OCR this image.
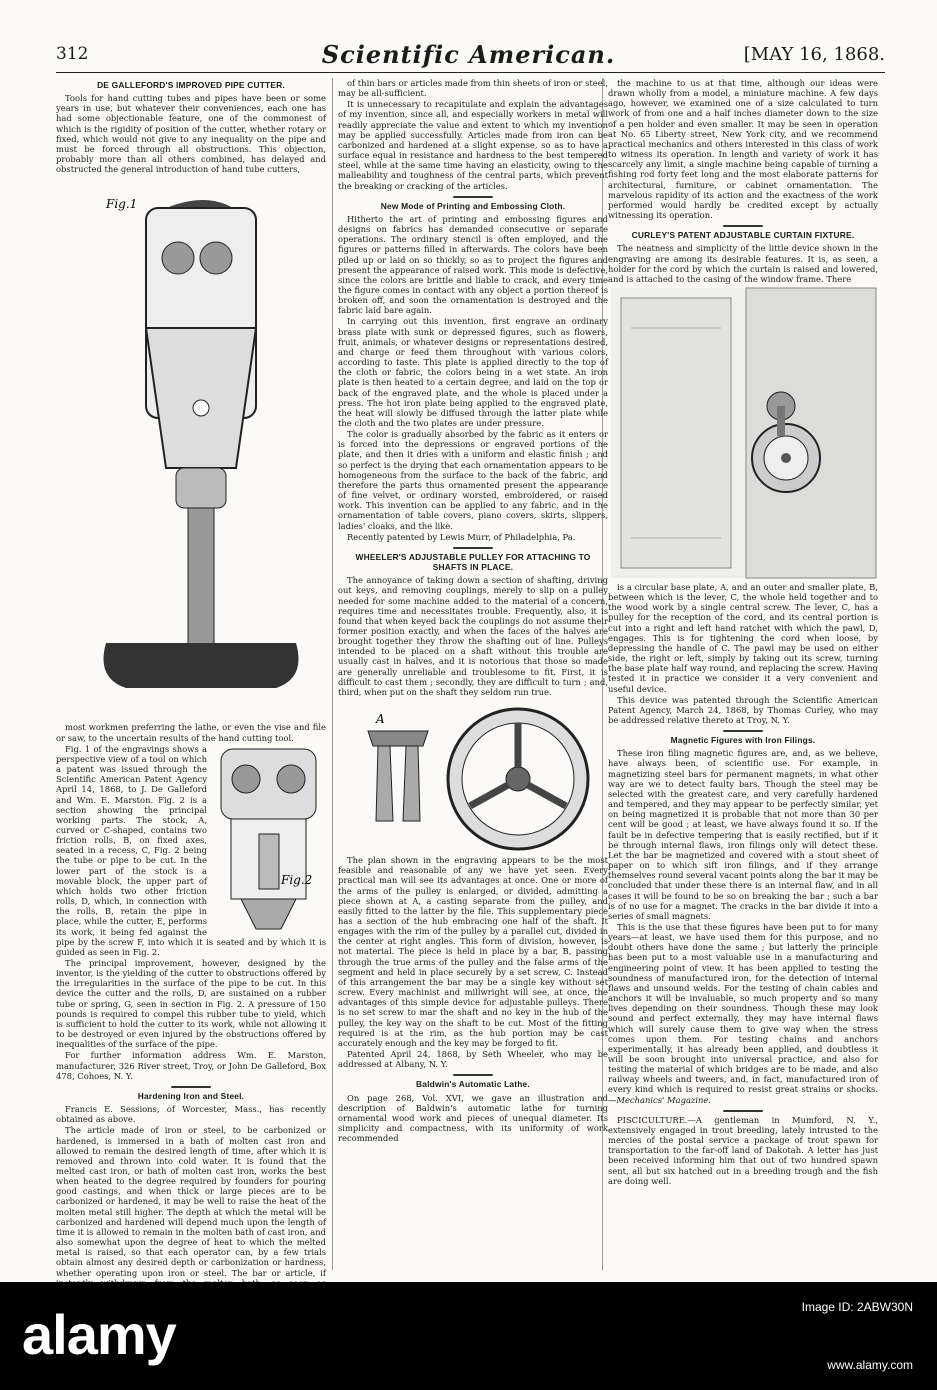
312	Scientific American.	[MAY 16, 1868.
DE GALLEFORD'S IMPROVED PIPE CUTTER.

Tools for hand cutting tubes and pipes have been or some years in use, but whatever their conveniences, each one has had some objectionable feature, one of the commonest of which is the rigidity of position of the cutter, whether rotary or fixed, which would not give to any inequality on the pipe and must be forced through all obstructions. This objection, probably more than all others combined, has delayed and obstructed the general introduction of hand tube cutters,

Fig.1

most workmen preferring the lathe, or even the vise and file or saw, to the uncertain results of the hand cutting tool.

Fig.2

Fig. 1 of the engravings shows a perspective view of a tool on which a patent was issued through the Scientific American Patent Agency April 14, 1868, to J. De Galleford and Wm. E. Marston. Fig. 2 is a section showing the principal working parts. The stock, A, curved or C-shaped, contains two friction rolls, B, on fixed axes, seated in a recess, C, Fig. 2 being the tube or pipe to be cut. In the lower part of the stock is a movable block, the upper part of which holds two other friction rolls, D, which, in connection with the rolls, B, retain the pipe in place, while the cutter, E, performs its work, it being fed against the pipe by the screw F, into which it is seated and by which it is guided as seen in Fig. 2.

The principal improvement, however, designed by the inventor, is the yielding of the cutter to obstructions offered by the irregularities in the surface of the pipe to be cut. In this device the cutter and the rolls, D, are sustained on a rubber tube or spring, G, seen in section in Fig. 2. A pressure of 150 pounds is required to compel this rubber tube to yield, which is sufficient to hold the cutter to its work, while not allowing it to be destroyed or even injured by the obstructions offered by inequalities of the surface of the pipe.

For further information address Wm. E. Marston, manufacturer, 326 River street, Troy, or John De Galleford, Box 478, Cohoes, N. Y.

Hardening Iron and Steel.

Francis E. Sessions, of Worcester, Mass., has recently obtained as above.

The article made of iron or steel, to be carbonized or hardened, is immersed in a bath of molten cast iron and allowed to remain the desired length of time, after which it is removed and thrown into cold water. It is found that the melted cast iron, or bath of molten cast iron, works the best when heated to the degree required by founders for pouring good castings, and when thick or large pieces are to be carbonized or hardened, it may be well to raise the heat of the molten metal still higher. The depth at which the metal will be carbonized and hardened will depend much upon the length of time it is allowed to remain in the molten bath of cast iron, and also somewhat upon the degree of heat to which the melted metal is raised, so that each operator can, by a few trials obtain almost any desired depth or carbonization or hardness, whether operating upon iron or steel. The bar or article, if

of thin bars or articles made from thin sheets of iron or steel, may be all-sufficient.

It is unnecessary to recapitulate and explain the advantages of my invention, since all, and especially workers in metal will readily appreciate the value and extent to which my invention may be applied successfully. Articles made from iron can be carbonized and hardened at a slight expense, so as to have a surface equal in resistance and hardness to the best tempered steel, while at the same time having an elasticity, owing to the malleability and toughness of the central parts, which prevent the breaking or cracking of the articles.

New Mode of Printing and Embossing Cloth.

Hitherto the art of printing and embossing figures and designs on fabrics has demanded consecutive or separate operations. The ordinary stencil is often employed, and the figures or patterns filled in afterwards. The colors have been piled up or laid on so thickly, so as to project the figures and present the appearance of raised work. This mode is defective, since the colors are brittle and liable to crack, and every time the figure comes in contact with any object a portion thereof is broken off, and soon the ornamentation is destroyed and the fabric laid bare again.

In carrying out this invention, first engrave an ordinary brass plate with sunk or depressed figures, such as flowers, fruit, animals, or whatever designs or representations desired, and charge or feed them throughout with various colors, according to taste. This plate is applied directly to the top of the cloth or fabric, the colors being in a wet state. An iron plate is then heated to a certain degree, and laid on the top or back of the engraved plate, and the whole is placed under a press. The hot iron plate being applied to the engraved plate, the heat will slowly be diffused through the latter plate while the cloth and the two plates are under pressure.

The color is gradually absorbed by the fabric as it enters or is forced into the depressions or engraved portions of the plate, and then it dries with a uniform and elastic finish ; and so perfect is the drying that each ornamentation appears to be homogeneous from the surface to the back of the fabric, and therefore the parts thus ornamented present the appearance of fine velvet, or ordinary worsted, embroidered, or raised work. This invention can be applied to any fabric, and in the ornamentation of table covers, piano covers, skirts, slippers, ladies' cloaks, and the like.

Recently patented by Lewis Murr, of Philadelphia, Pa.

WHEELER'S ADJUSTABLE PULLEY FOR ATTACHING TO SHAFTS IN PLACE.

The annoyance of taking down a section of shafting, driving out keys, and removing couplings, merely to slip on a pulley needed for some machine added to the material of a concern, requires time and necessitates trouble. Frequently, also, it is found that when keyed back the couplings do not assume their former position exactly, and when the faces of the halves are brought together they throw the shafting out of line. Pulleys intended to be placed on a shaft without this trouble are usually cast in halves, and it is notorious that those so made are generally unreliable and troublesome to fit. First, it is difficult to cast them ; secondly, they are difficult to turn ; and, third, when put on the shaft they seldom run true.

A

The plan shown in the engraving appears to be the most feasible and reasonable of any we have yet seen. Every practical man will see its advantages at once. One or more of the arms of the pulley is enlarged, or divided, admitting a piece shown at A, a casting separate from the pulley, and easily fitted to the latter by the file. This supplementary piece has a section of the hub embracing one half of the shaft. It engages with the rim of the pulley by a parallel cut, divided in the center at right angles. This form of division, however, is not material. The piece is held in place by a bar, B, passing through the true arms of the pulley and the false arms of the segment and held in place securely by a set screw, C. Instead of this arrangement the bar may be a single key without set screw. Every machinist and millwright will see, at once, the advantages of this simple device for adjustable pulleys. There is no set screw to mar the shaft and no key in the hub of the pulley, the key way on the shaft to be cut. Most of the fitting required is at the rim, as the hub portion may be cast accurately enough and the key may be forged to fit.

Patented April 24, 1868, by Seth Wheeler, who may be addressed at Albany, N. Y.

Baldwin's Automatic Lathe.

On page 268, Vol. XVI, we gave an illustration and description of Baldwin's automatic lathe for turning ornamental wood work and pieces of unequal diameter. Its simplicity and compactness, with its uniformity of work recommended

the machine to us at that time, although our ideas were drawn wholly from a model, a miniature machine. A few days ago, however, we examined one of a size calculated to turn work of from one and a half inches diameter down to the size of a pen holder and even smaller. It may be seen in operation at No. 65 Liberty street, New York city, and we recommend practical mechanics and others interested in this class of work to witness its operation. In length and variety of work it has scarcely any limit, a single machine being capable of turning a fishing rod forty feet long and the most elaborate patterns for architectural, furniture, or cabinet ornamentation. The marvelous rapidity of its action and the exactness of the work performed would hardly be credited except by actually witnessing its operation.

CURLEY'S PATENT ADJUSTABLE CURTAIN FIXTURE.

The neatness and simplicity of the little device shown in the engraving are among its desirable features. It is, as seen, a holder for the cord by which the curtain is raised and lowered, and is attached to the casing of the window frame. There

is a circular base plate, A, and an outer and smaller plate, B, between which is the lever, C, the whole held together and to the wood work by a single central screw. The lever, C, has a pulley for the reception of the cord, and its central portion is cut into a right and left hand ratchet with which the pawl, D, engages. This is for tightening the cord when loose, by depressing the handle of C. The pawl may be used on either side, the right or left, simply by taking out its screw, turning the base plate half way round, and replacing the screw. Having tested it in practice we consider it a very convenient and useful device.

This device was patented through the Scientific American Patent Agency, March 24, 1868, by Thomas Curley, who may be addressed relative thereto at Troy, N. Y.

Magnetic Figures with Iron Filings.

These iron filing magnetic figures are, and, as we believe, have always been, of scientific use. For example, in magnetizing steel bars for permanent magnets, in what other way are we to detect faulty bars. Though the steel may be selected with the greatest care, and very carefully hardened and tempered, and they may appear to be perfectly similar, yet on being magnetized it is probable that not more than 30 per cent will be good ; at least, we have always found it so. If the fault be in defective tempering that is easily rectified, but if it be through internal flaws, iron filings only will detect these. Let the bar be magnetized and covered with a stout sheet of paper on to which sift iron filings, and if they arrange themselves round several vacant points along the bar it may be concluded that under these there is an internal flaw, and in all cases it will be found to be so on breaking the bar ; such a bar is of no use for a magnet. The cracks in the bar divide it into a series of small magnets.

This is the use that these figures have been put to for many years—at least, we have used them for this purpose, and no doubt others have done the same ; but latterly the principle has been put to a most valuable use in a manufacturing and engineering point of view. It has been applied to testing the soundness of manufactured iron, for the detection of internal flaws and unsound welds. For the testing of chain cables and anchors it will be invaluable, so much property and so many lives depending on their soundness. Though these may look sound and perfect externally, they may have internal flaws which will surely cause them to give way when the stress comes upon them. For testing chains and anchors experimentally, it has already been applied, and doubtless it will be soon brought into universal practice, and also for testing the material of which bridges are to be made, and also railway wheels and tweers, and, in fact, manufactured iron of every kind which is required to resist great strains or shocks.—Mechanics' Magazine.

PISCICULTURE.—A gentleman in Mumford, N. Y., extensively engaged in trout breeding, lately intrusted to the mercies of the postal service a package of trout spawn for transportation to the far-off land of Dakotah. A letter has just been received informing him that out of two hundred spawn sent, all but six hatched out in a breeding trough and the fish are doing well.

alamy	Image ID: 2ABW30N
www.alamy.com
